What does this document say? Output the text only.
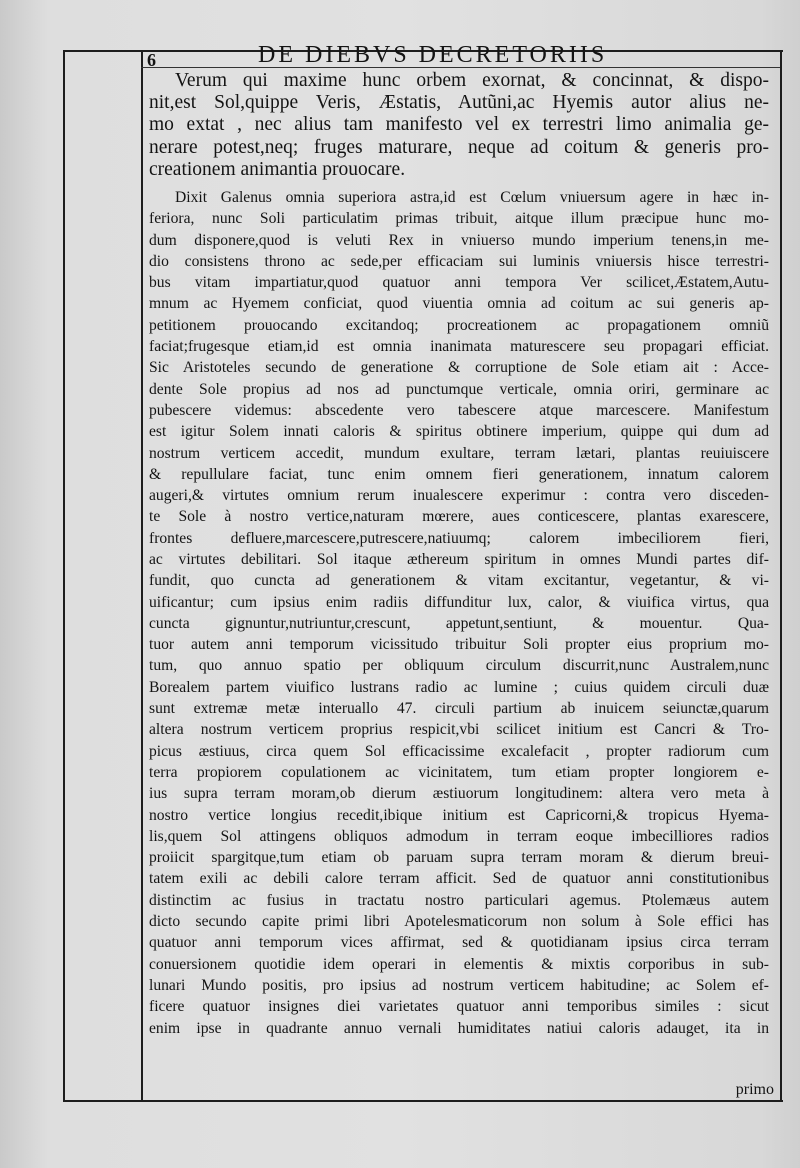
6	DE DIEBVS DECRETORIIS
Verum qui maxime hunc orbem exornat, & concinnat, & dispo-
nit,est Sol,quippe Veris, Æstatis, Autũni,ac Hyemis autor alius ne-
mo extat , nec alius tam manifesto vel ex terrestri limo animalia ge-
nerare potest,neq; fruges maturare, neque ad coitum & generis pro-
creationem animantia prouocare.
Dixit Galenus omnia superiora astra,id est Cœlum vniuersum agere in hæc in-
feriora, nunc Soli particulatim primas tribuit, aitque illum præcipue hunc mo-
dum disponere,quod is veluti Rex in vniuerso mundo imperium tenens,in me-
dio consistens throno ac sede,per efficaciam sui luminis vniuersis hisce terrestri-
bus vitam impartiatur,quod quatuor anni tempora Ver scilicet,Æstatem,Autu-
mnum ac Hyemem conficiat, quod viuentia omnia ad coitum ac sui generis ap-
petitionem prouocando excitandoq; procreationem ac propagationem omniũ
faciat;frugesque etiam,id est omnia inanimata maturescere seu propagari efficiat.
Sic Aristoteles secundo de generatione & corruptione de Sole etiam ait : Acce-
dente Sole propius ad nos ad punctumque verticale, omnia oriri, germinare ac
pubescere videmus: abscedente vero tabescere atque marcescere. Manifestum
est igitur Solem innati caloris & spiritus obtinere imperium, quippe qui dum ad
nostrum verticem accedit, mundum exultare, terram lætari, plantas reuiuiscere
& repullulare faciat, tunc enim omnem fieri generationem, innatum calorem
augeri,& virtutes omnium rerum inualescere experimur : contra vero discеden-
te Sole à nostro vertice,naturam mœrere, aues conticescere, plantas exarescere,
frontes defluere,marcescere,putrescere,natiuumq; calorem imbeciliorem fieri,
ac virtutes debilitari. Sol itaque æthereum spiritum in omnes Mundi partes dif-
fundit, quo cuncta ad generationem & vitam excitantur, vegetantur, & vi-
uificantur; cum ipsius enim radiis diffunditur lux, calor, & viuifica virtus, qua
cuncta gignuntur,nutriuntur,crescunt, appetunt,sentiunt, & mouentur. Qua-
tuor autem anni temporum vicissitudo tribuitur Soli propter eius proprium mo-
tum, quo annuo spatio per obliquum circulum discurrit,nunc Australem,nunc
Borealem partem viuifico lustrans radio ac lumine ; cuius quidem circuli duæ
sunt extremæ metæ interuallo 47. circuli partium ab inuicem seiunctæ,quarum
altera nostrum verticem proprius respicit,vbi scilicet initium est Cancri & Tro-
picus æstiuus, circa quem Sol efficacissime excalefacit , propter radiorum cum
terra propiorem copulationem ac vicinitatem, tum etiam propter longiorem e-
ius supra terram moram,ob dierum æstiuorum longitudinem: altera vero meta à
nostro vertice longius recedit,ibique initium est Capricorni,& tropicus Hyema-
lis,quem Sol attingens obliquos admodum in terram eoque imbecilliores radios
proiicit spargitque,tum etiam ob paruam supra terram moram & dierum breui-
tatem exili ac debili calore terram afficit. Sed de quatuor anni constitutionibus
distinctim ac fusius in tractatu nostro particulari agemus. Ptolemæus autem
dicto secundo capite primi libri Apotelesmaticorum non solum à Sole effici has
quatuor anni temporum vices affirmat, sed & quotidianam ipsius circa terram
conuersionem quotidie idem operari in elementis & mixtis corporibus in sub-
lunari Mundo positis, pro ipsius ad nostrum verticem habitudine; ac Solem ef-
ficere quatuor insignes diei varietates quatuor anni temporibus similes : sicut
enim ipse in quadrante annuo vernali humiditates natiui caloris adauget, ita in
primo
